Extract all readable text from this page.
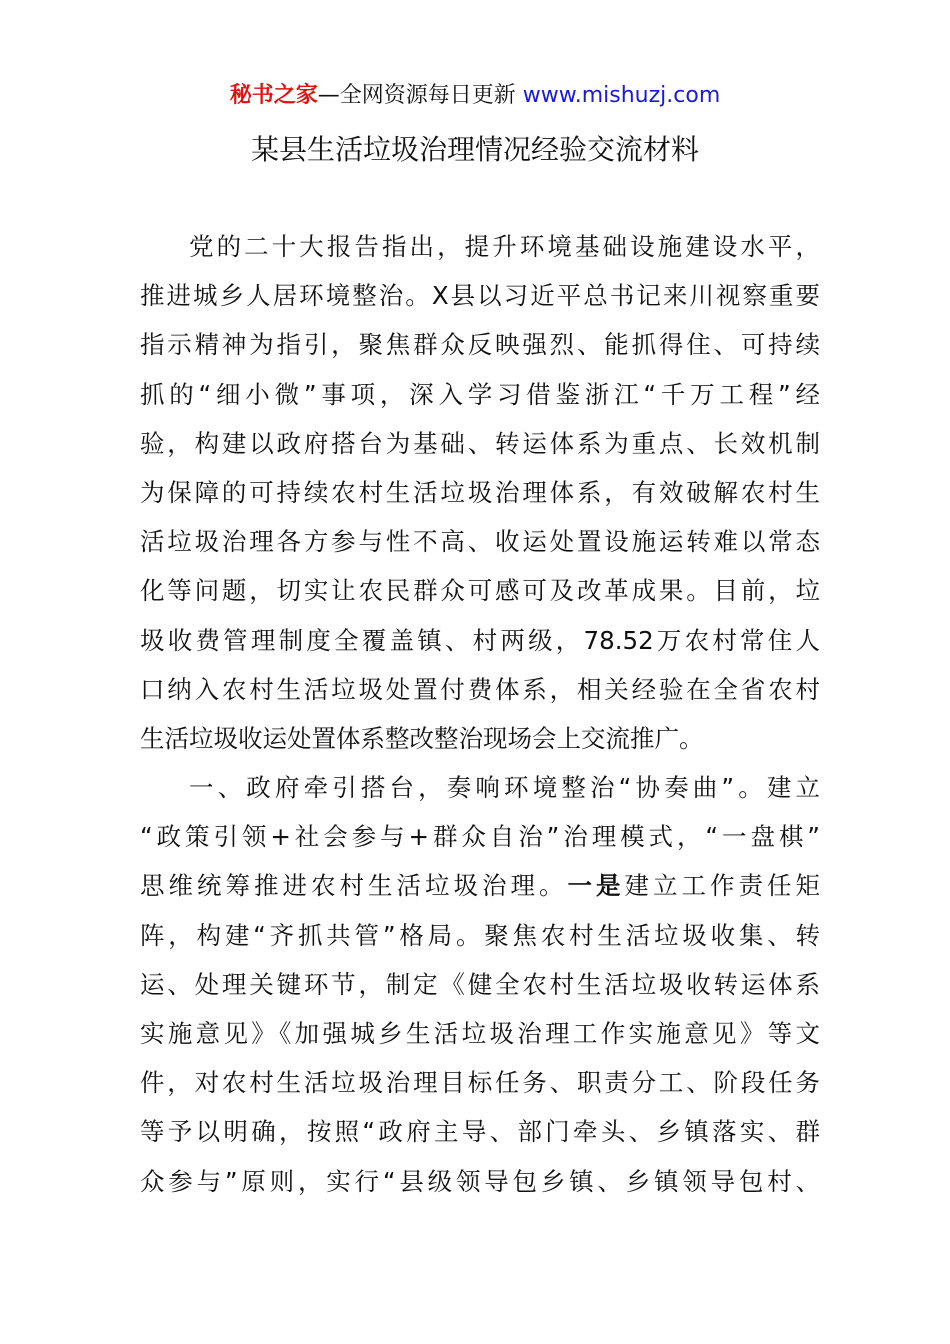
秘书之家—全网资源每日更新 www.mishuzj.com
某县生活垃圾治理情况经验交流材料
党的二十大报告指出，提升环境基础设施建设水平，
推进城乡人居环境整治。X县以习近平总书记来川视察重要
指示精神为指引，聚焦群众反映强烈、能抓得住、可持续
抓的“细小微”事项，深入学习借鉴浙江“千万工程”经
验，构建以政府搭台为基础、转运体系为重点、长效机制
为保障的可持续农村生活垃圾治理体系，有效破解农村生
活垃圾治理各方参与性不高、收运处置设施运转难以常态
化等问题，切实让农民群众可感可及改革成果。目前，垃
圾收费管理制度全覆盖镇、村两级，78.52万农村常住人
口纳入农村生活垃圾处置付费体系，相关经验在全省农村
生活垃圾收运处置体系整改整治现场会上交流推广。
一、政府牵引搭台，奏响环境整治“协奏曲”。建立
“政策引领+社会参与+群众自治”治理模式，“一盘棋”
思维统筹推进农村生活垃圾治理。一是建立工作责任矩
阵，构建“齐抓共管”格局。聚焦农村生活垃圾收集、转
运、处理关键环节，制定《健全农村生活垃圾收转运体系
实施意见》《加强城乡生活垃圾治理工作实施意见》等文
件，对农村生活垃圾治理目标任务、职责分工、阶段任务
等予以明确，按照“政府主导、部门牵头、乡镇落实、群
众参与”原则，实行“县级领导包乡镇、乡镇领导包村、
